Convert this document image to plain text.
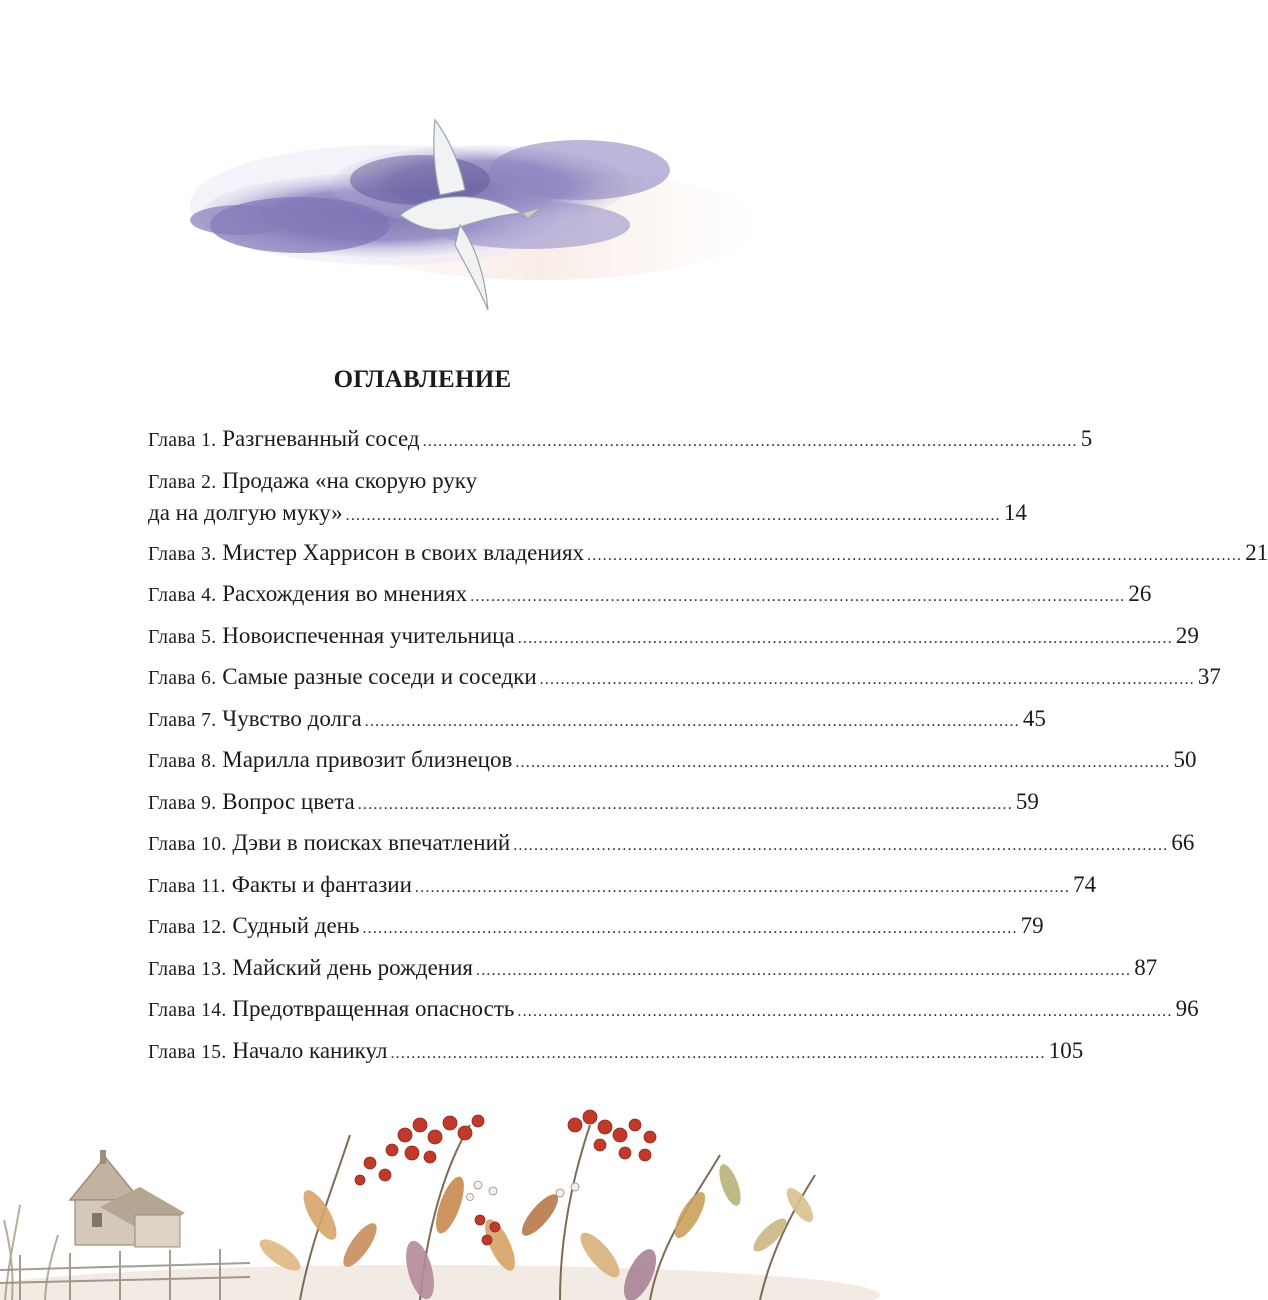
ОГЛАВЛЕНИЕ
Глава 1.
Разгневанный сосед .............................................................................................................................. 5
Глава 2.
Продажа «на скорую руку
да на долгую муку» .............................................................................................................................. 14
Глава 3.
Мистер Харрисон в своих владениях .............................................................................................................................. 21
Глава 4.
Расхождения во мнениях .............................................................................................................................. 26
Глава 5.
Новоиспеченная учительница .............................................................................................................................. 29
Глава 6.
Самые разные соседи и соседки .............................................................................................................................. 37
Глава 7.
Чувство долга .............................................................................................................................. 45
Глава 8.
Марилла привозит близнецов .............................................................................................................................. 50
Глава 9.
Вопрос цвета .............................................................................................................................. 59
Глава 10.
Дэви в поисках впечатлений .............................................................................................................................. 66
Глава 11.
Факты и фантазии .............................................................................................................................. 74
Глава 12.
Судный день .............................................................................................................................. 79
Глава 13.
Майский день рождения .............................................................................................................................. 87
Глава 14.
Предотвращенная опасность .............................................................................................................................. 96
Глава 15.
Начало каникул .............................................................................................................................. 105
